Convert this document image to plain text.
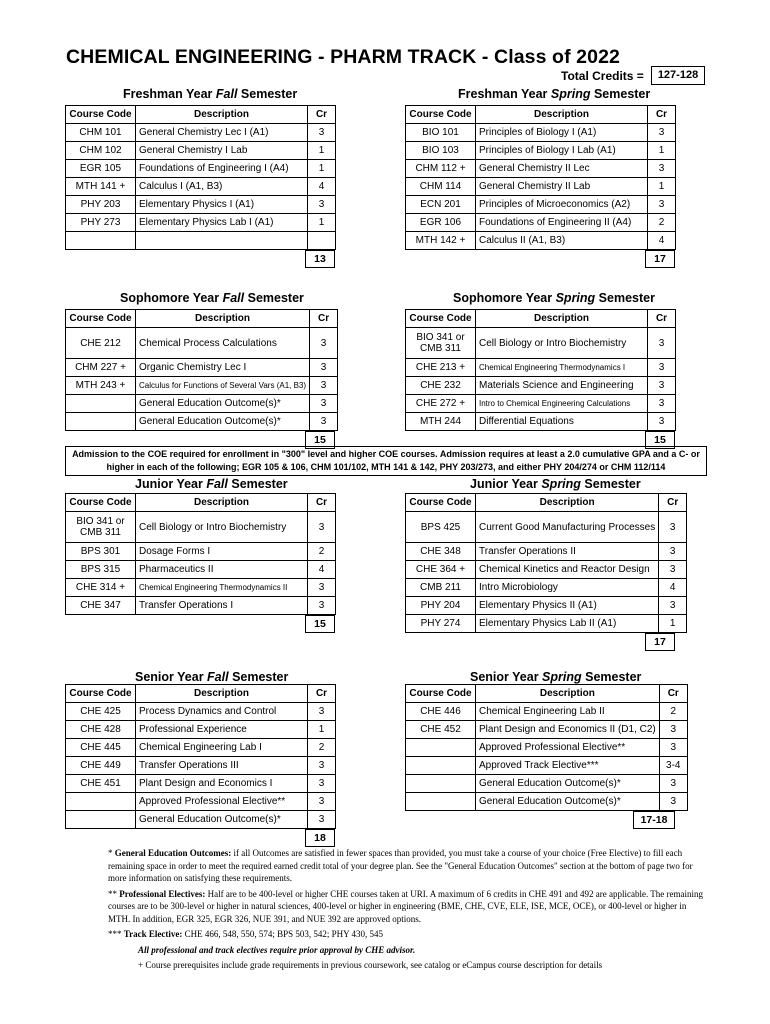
CHEMICAL ENGINEERING - PHARM TRACK - Class of 2022
Total Credits =	127-128
Freshman Year Fall Semester
Course Code	Description	Cr
CHM 101	General Chemistry Lec I (A1)	3
CHM 102	General Chemistry I Lab	1
EGR 105	Foundations of Engineering I (A4)	1
MTH 141 +	Calculus I (A1, B3)	4
PHY 203	Elementary Physics I (A1)	3
PHY 273	Elementary Physics Lab I (A1)	1

13
Freshman Year Spring Semester
Course Code	Description	Cr
BIO 101	Principles of Biology I (A1)	3
BIO 103	Principles of Biology I Lab (A1)	1
CHM 112 +	General Chemistry II Lec	3
CHM 114	General Chemistry II Lab	1
ECN 201	Principles of Microeconomics (A2)	3
EGR 106	Foundations of Engineering II (A4)	2
MTH 142 +	Calculus II (A1, B3)	4
17
Sophomore Year Fall Semester
Course Code	Description	Cr
CHE 212	Chemical Process Calculations	3
CHM 227 +	Organic Chemistry Lec I	3
MTH 243 +	Calculus for Functions of Several Vars (A1, B3)	3
	General Education Outcome(s)*	3
	General Education Outcome(s)*	3
15
Sophomore Year Spring Semester
Course Code	Description	Cr
BIO 341 or CMB 311	Cell Biology or Intro Biochemistry	3
CHE 213 +	Chemical Engineering Thermodynamics I	3
CHE 232	Materials Science and Engineering	3
CHE 272 +	Intro to Chemical Engineering Calculations	3
MTH 244	Differential Equations	3
15
Junior Year Fall Semester
Course Code	Description	Cr
BIO 341 or CMB 311	Cell Biology or Intro Biochemistry	3
BPS 301	Dosage Forms I	2
BPS 315	Pharmaceutics II	4
CHE 314 +	Chemical Engineering Thermodynamics II	3
CHE 347	Transfer Operations I	3
15
Junior Year Spring Semester
Course Code	Description	Cr
BPS 425	Current Good Manufacturing Processes	3
CHE 348	Transfer Operations II	3
CHE 364 +	Chemical Kinetics and Reactor Design	3
CMB 211	Intro Microbiology	4
PHY 204	Elementary Physics II (A1)	3
PHY 274	Elementary Physics Lab II (A1)	1
17
Senior Year Fall Semester
Course Code	Description	Cr
CHE 425	Process Dynamics and Control	3
CHE 428	Professional Experience	1
CHE 445	Chemical Engineering Lab I	2
CHE 449	Transfer Operations III	3
CHE 451	Plant Design and Economics I	3
	Approved Professional Elective**	3
	General Education Outcome(s)*	3
18
Senior Year Spring Semester
Course Code	Description	Cr
CHE 446	Chemical Engineering Lab II	2
CHE 452	Plant Design and Economics II (D1, C2)	3
	Approved Professional Elective**	3
	Approved Track Elective***	3-4
	General Education Outcome(s)*	3
	General Education Outcome(s)*	3
17-18
Admission to the COE required for enrollment in "300" level and higher COE courses. Admission requires at least a 2.0 cumulative GPA and a C- or higher in each of the following; EGR 105 & 106, CHM 101/102, MTH 141 & 142, PHY 203/273, and either PHY 204/274 or CHM 112/114

* General Education Outcomes: if all Outcomes are satisfied in fewer spaces than provided, you must take a course of your choice (Free Elective) to fill each remaining space in order to meet the required earned credit total of your degree plan. See the "General Education Outcomes" section at the bottom of page two for more information on satisfying these requirements.

** Professional Electives: Half are to be 400-level or higher CHE courses taken at URI. A maximum of 6 credits in CHE 491 and 492 are applicable. The remaining courses are to be 300-level or higher in natural sciences, 400-level or higher in engineering (BME, CHE, CVE, ELE, ISE, MCE, OCE), or 400-level or higher in MTH. In addition, EGR 325, EGR 326, NUE 391, and NUE 392 are approved options.

*** Track Elective: CHE 466, 548, 550, 574; BPS 503, 542; PHY 430, 545

All professional and track electives require prior approval by CHE advisor.

+ Course prerequisites include grade requirements in previous coursework, see catalog or eCampus course description for details
